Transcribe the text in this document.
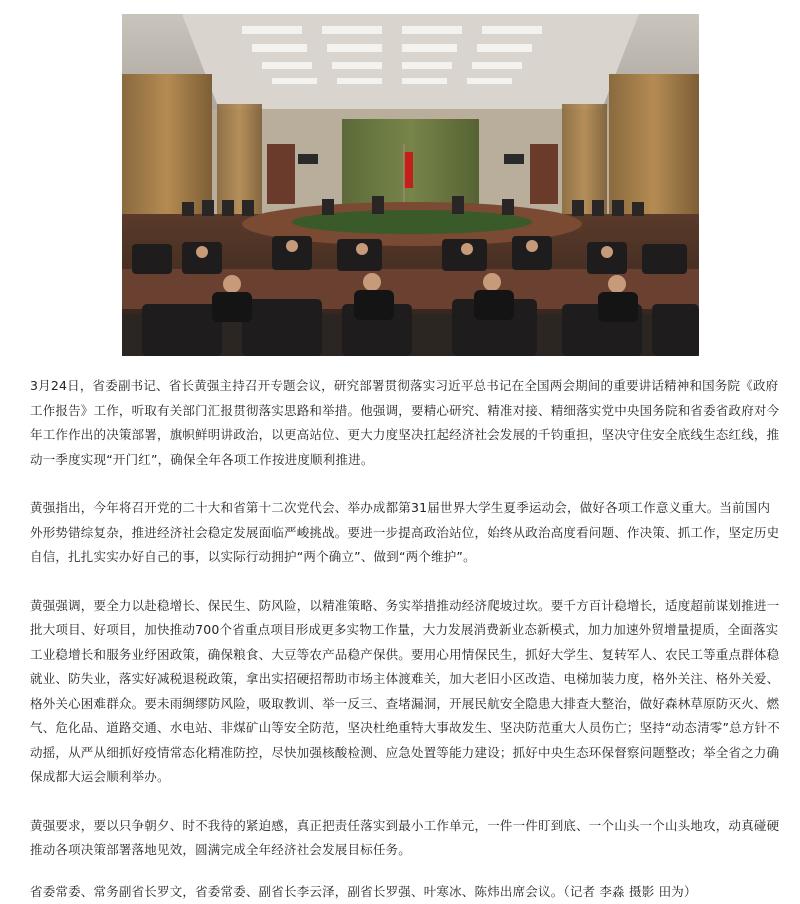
3月24日，省委副书记、省长黄强主持召开专题会议，研究部署贯彻落实习近平总书记在全国两会期间的重要讲话精神和国务院《政府工作报告》工作，听取有关部门汇报贯彻落实思路和举措。他强调，要精心研究、精准对接、精细落实党中央国务院和省委省政府对今年工作作出的决策部署，旗帜鲜明讲政治，以更高站位、更大力度坚决扛起经济社会发展的千钧重担，坚决守住安全底线生态红线，推动一季度实现“开门红”，确保全年各项工作按进度顺利推进。

黄强指出，今年将召开党的二十大和省第十二次党代会、举办成都第31届世界大学生夏季运动会，做好各项工作意义重大。当前国内外形势错综复杂，推进经济社会稳定发展面临严峻挑战。要进一步提高政治站位，始终从政治高度看问题、作决策、抓工作，坚定历史自信，扎扎实实办好自己的事，以实际行动拥护“两个确立”、做到“两个维护”。

黄强强调，要全力以赴稳增长、保民生、防风险，以精准策略、务实举措推动经济爬坡过坎。要千方百计稳增长，适度超前谋划推进一批大项目、好项目，加快推动700个省重点项目形成更多实物工作量，大力发展消费新业态新模式，加力加速外贸增量提质，全面落实工业稳增长和服务业纾困政策，确保粮食、大豆等农产品稳产保供。要用心用情保民生，抓好大学生、复转军人、农民工等重点群体稳就业、防失业，落实好减税退税政策，拿出实招硬招帮助市场主体渡难关，加大老旧小区改造、电梯加装力度，格外关注、格外关爱、格外关心困难群众。要未雨绸缪防风险，吸取教训、举一反三、查堵漏洞，开展民航安全隐患大排查大整治，做好森林草原防灭火、燃气、危化品、道路交通、水电站、非煤矿山等安全防范，坚决杜绝重特大事故发生、坚决防范重大人员伤亡；坚持“动态清零”总方针不动摇，从严从细抓好疫情常态化精准防控，尽快加强核酸检测、应急处置等能力建设；抓好中央生态环保督察问题整改；举全省之力确保成都大运会顺利举办。

黄强要求，要以只争朝夕、时不我待的紧迫感，真正把责任落实到最小工作单元，一件一件盯到底、一个山头一个山头地攻，动真碰硬推动各项决策部署落地见效，圆满完成全年经济社会发展目标任务。

省委常委、常务副省长罗文，省委常委、副省长李云泽，副省长罗强、叶寒冰、陈炜出席会议。（记者 李淼 摄影 田为）
